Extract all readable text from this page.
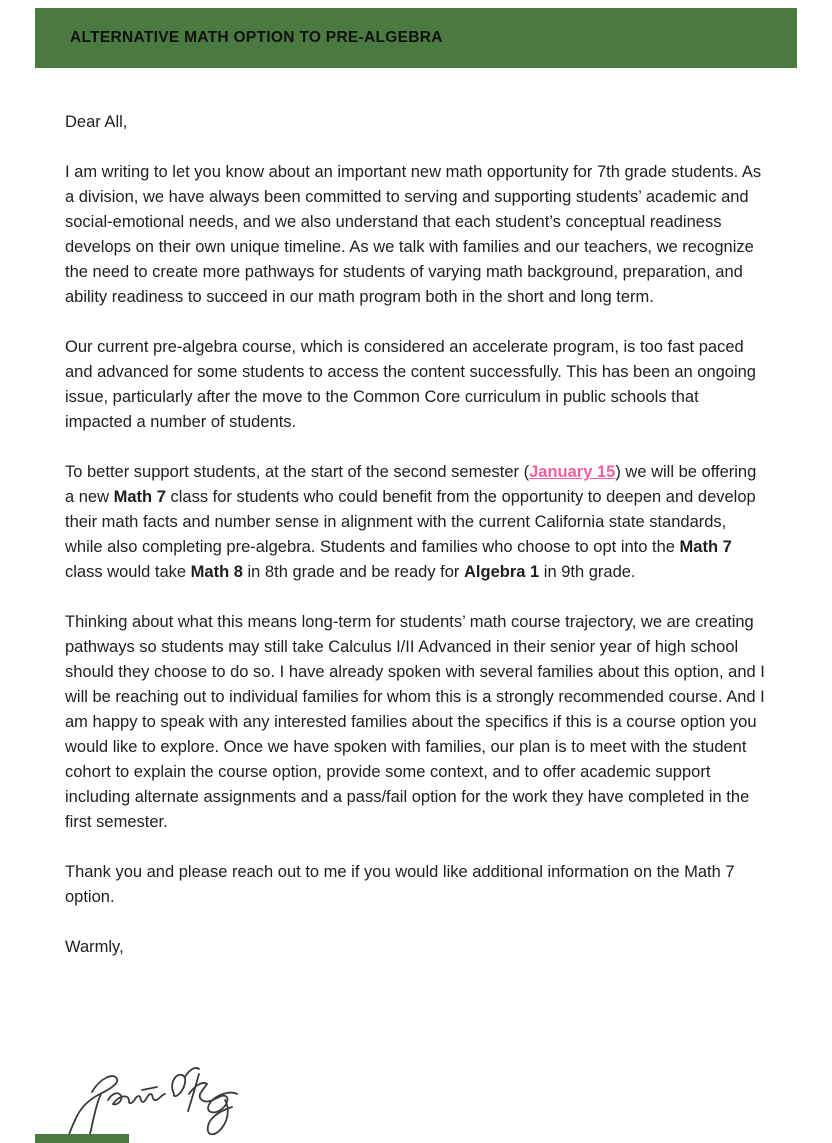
ALTERNATIVE MATH OPTION TO PRE-ALGEBRA

Dear All,

I am writing to let you know about an important new math opportunity for 7th grade students. As a division, we have always been committed to serving and supporting students’ academic and social-emotional needs, and we also understand that each student’s conceptual readiness develops on their own unique timeline. As we talk with families and our teachers, we recognize the need to create more pathways for students of varying math background, preparation, and ability readiness to succeed in our math program both in the short and long term.

Our current pre-algebra course, which is considered an accelerate program, is too fast paced and advanced for some students to access the content successfully. This has been an ongoing issue, particularly after the move to the Common Core curriculum in public schools that impacted a number of students.

To better support students, at the start of the second semester (January 15) we will be offering a new Math 7 class for students who could benefit from the opportunity to deepen and develop their math facts and number sense in alignment with the current California state standards, while also completing pre-algebra. Students and families who choose to opt into the Math 7 class would take Math 8 in 8th grade and be ready for Algebra 1 in 9th grade.

Thinking about what this means long-term for students’ math course trajectory, we are creating pathways so students may still take Calculus I/II Advanced in their senior year of high school should they choose to do so. I have already spoken with several families about this option, and I will be reaching out to individual families for whom this is a strongly recommended course. And I am happy to speak with any interested families about the specifics if this is a course option you would like to explore. Once we have spoken with families, our plan is to meet with the student cohort to explain the course option, provide some context, and to offer academic support including alternate assignments and a pass/fail option for the work they have completed in the first semester.

Thank you and please reach out to me if you would like additional information on the Math 7 option.

Warmly,
